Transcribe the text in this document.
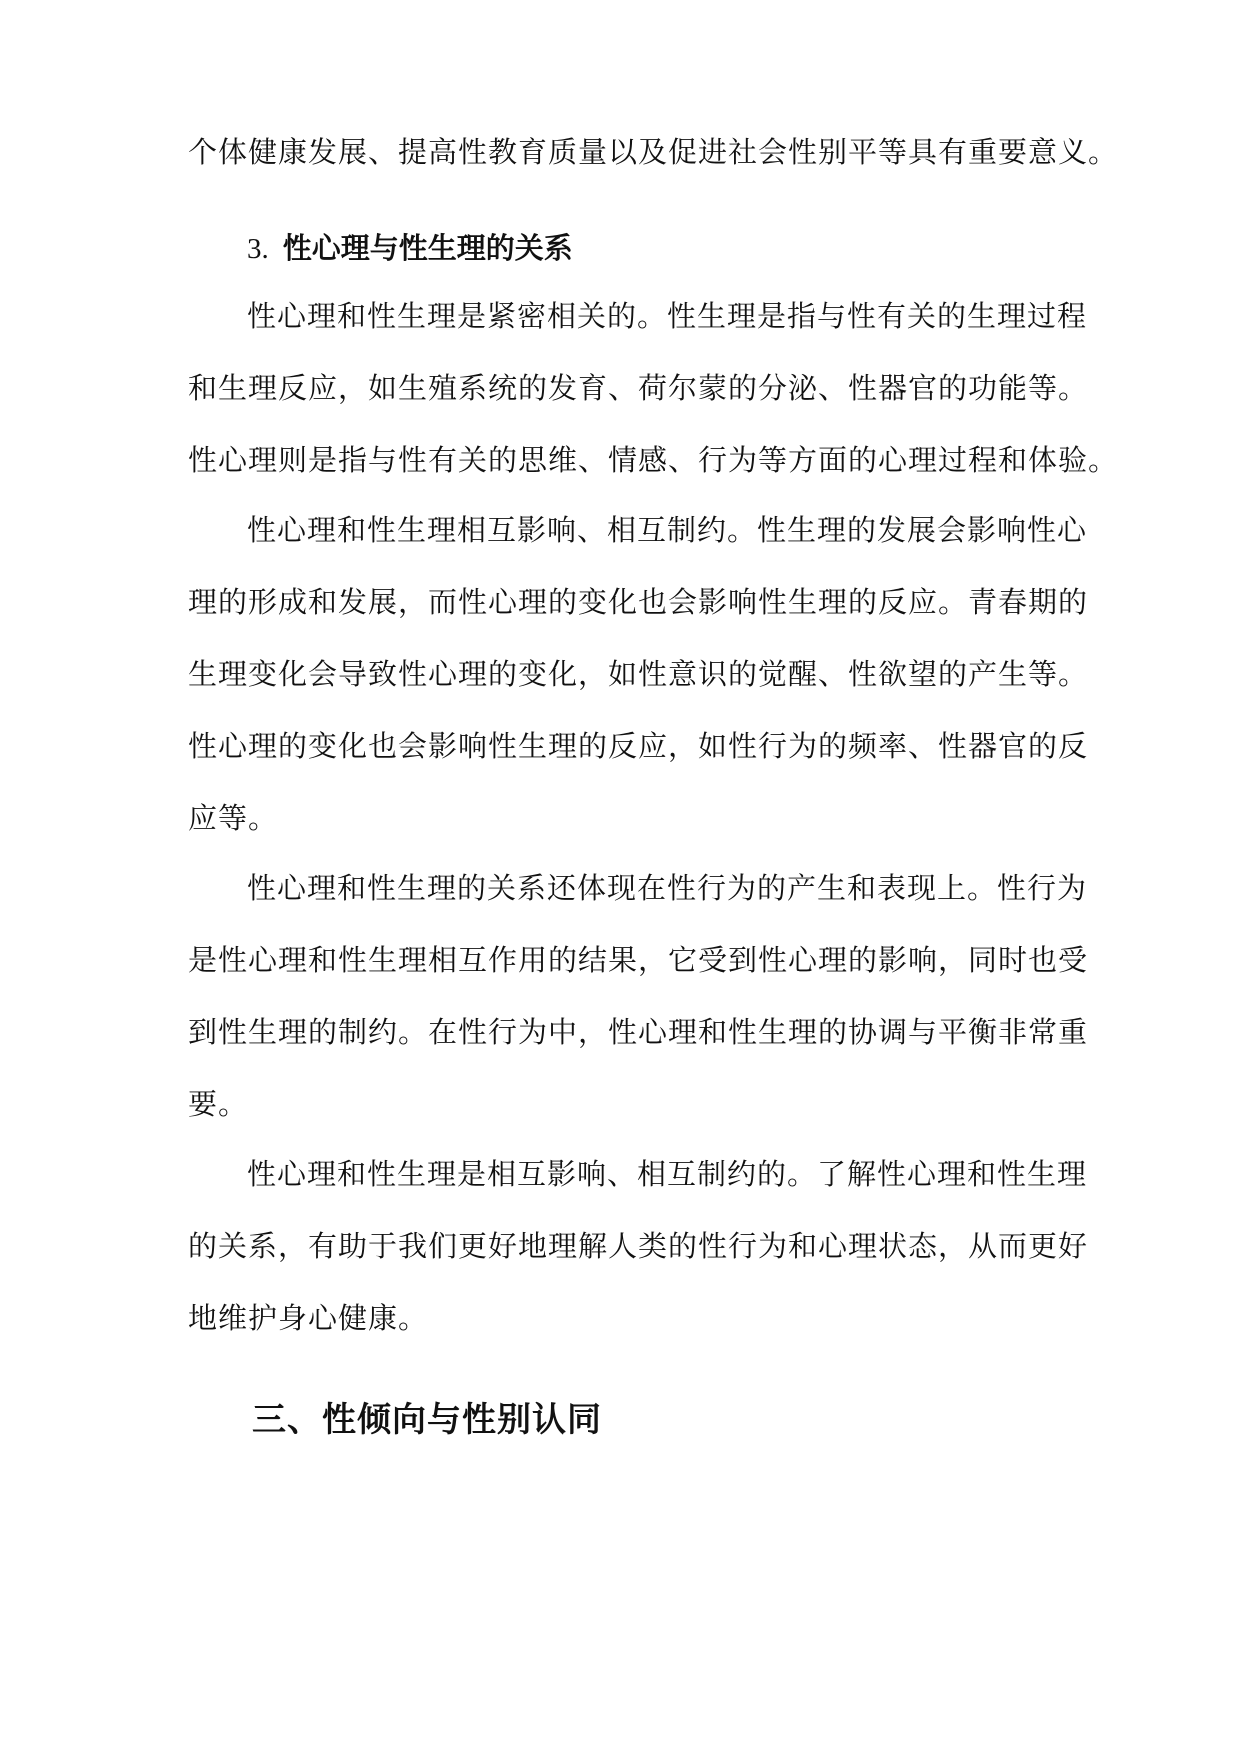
个体健康发展、提高性教育质量以及促进社会性别平等具有重要意义。
3. 性心理与性生理的关系
性心理和性生理是紧密相关的。性生理是指与性有关的生理过程
和生理反应，如生殖系统的发育、荷尔蒙的分泌、性器官的功能等。
性心理则是指与性有关的思维、情感、行为等方面的心理过程和体验。
性心理和性生理相互影响、相互制约。性生理的发展会影响性心
理的形成和发展，而性心理的变化也会影响性生理的反应。青春期的
生理变化会导致性心理的变化，如性意识的觉醒、性欲望的产生等。
性心理的变化也会影响性生理的反应，如性行为的频率、性器官的反
应等。
性心理和性生理的关系还体现在性行为的产生和表现上。性行为
是性心理和性生理相互作用的结果，它受到性心理的影响，同时也受
到性生理的制约。在性行为中，性心理和性生理的协调与平衡非常重
要。
性心理和性生理是相互影响、相互制约的。了解性心理和性生理
的关系，有助于我们更好地理解人类的性行为和心理状态，从而更好
地维护身心健康。
三、性倾向与性别认同
